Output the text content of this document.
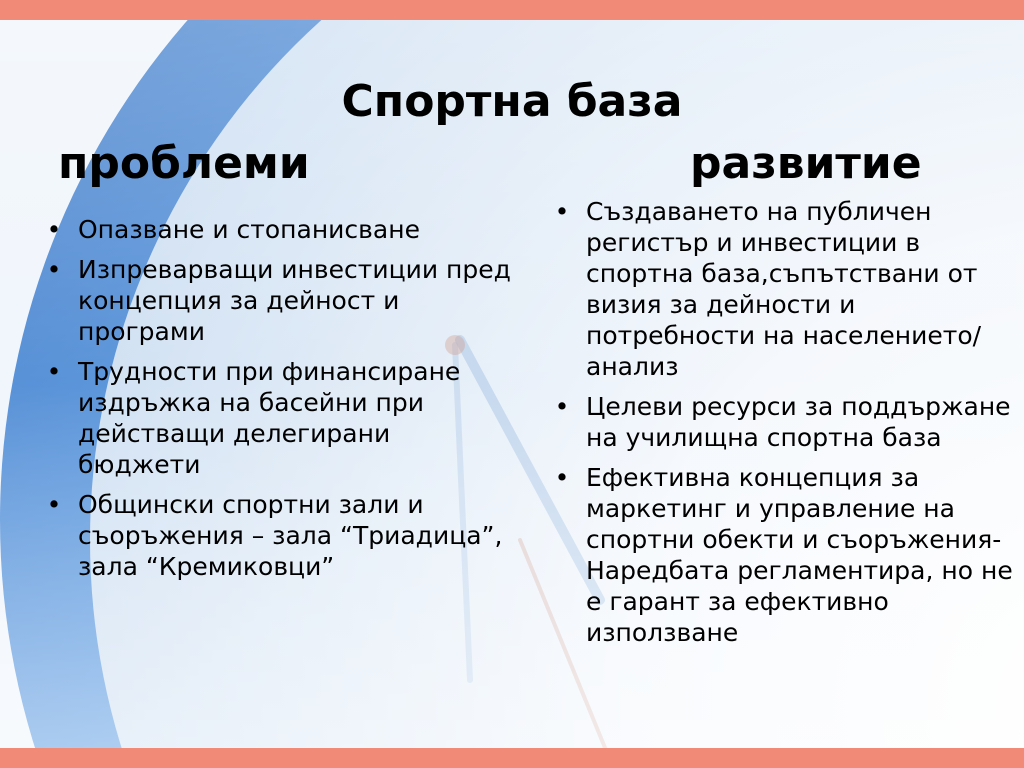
Спортна база
проблеми	развитие
• Опазване и стопанисване
• Изпреварващи инвестиции пред концепция за дейност и програми
• Трудности при финансиране издръжка на басейни при действащи делегирани бюджети
• Общински спортни зали и съоръжения – зала “Триадица”, зала “Кремиковци”
• Създаването на публичен регистър и инвестиции в спортна база,съпътствани от визия за дейности и потребности на населението/анализ
• Целеви ресурси за поддържане на училищна спортна база
• Ефективна концепция за маркетинг и управление на спортни обекти и съоръжения- Наредбата регламентира, но не е гарант за ефективно използване
